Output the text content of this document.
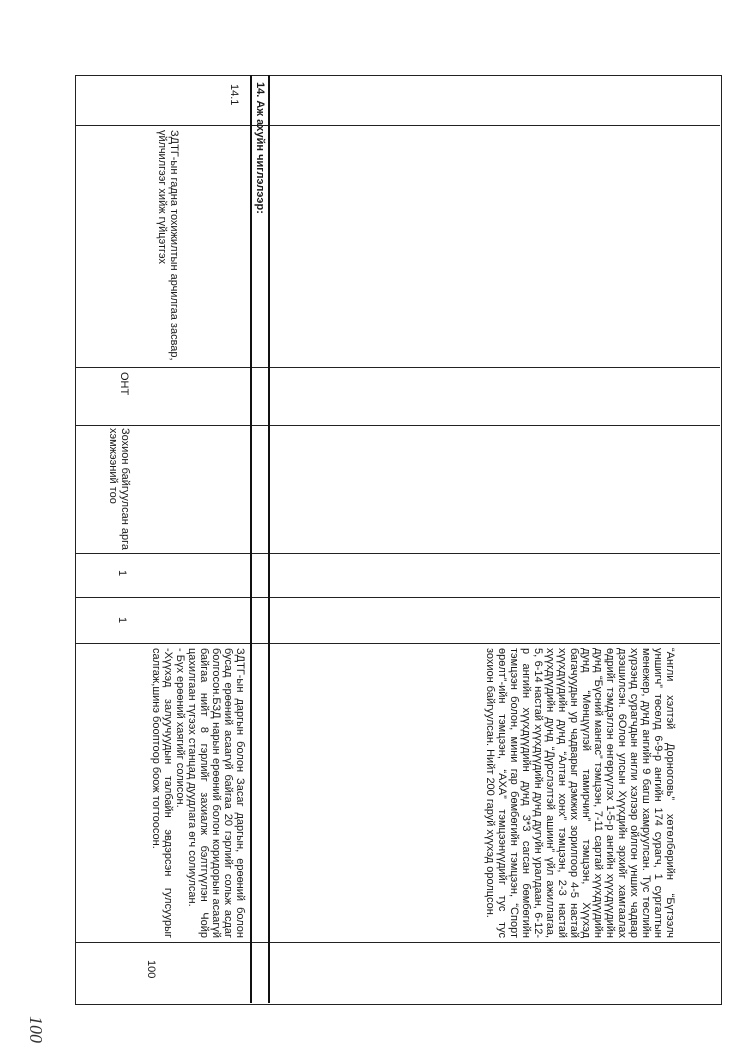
14. Аж ахуйн чиглэлээр:
14.1
ЗДТГ-ын гадна тохижилтын арчилгаа засвар, үйлчилгээг хийж гүйцэтгэх
ОНТ
Зохион байгуулсан арга хэмжээний тоо
1
1

“Англи хэлтэй Дорноговь” хөтөлбөрийн “Бүтээлч уншигч” төсөлд 6-9-р ангийн 174 сурагч, 1 сургалтын менежер, дунд ангийн 9 багш хамруулсан. Тус төслийн хүрээнд сурагчдын англи хэлээр ойлгон унших чадвар дээшилсэн. 6Олон улсын Хүүхдийн эрхийг хамгаалах өдрийг тэмдэглэн өнгөрүүлэх 1-5-р ангийн хүүхдүүдийн дунд “Бүсний мангас” тэмцээн, 7-11 сартай хүүхдүүдийн дунд “Мөнцүүлэй тамирчин” тэмцээн, Хүүхэд багачуудын ур чадварыг дэмжих зорилгоор 4-5 настай хүүхдүүдийн дунд “Алтан хонх” тэмцээн, 2-3 настай хүүхдүүдийн дунд “Дүрслэлтэй ашиин” үйл ажиллагаа, 5, 6-14 настай хүүхдүүдийн дунд дугуйн уралдаан, 6-12-р ангийн хүүхдүүдийн дунд 3*3 сагсан бөмбөгийн тэмцээн болон, мини гар бөмбөгийн тэмцээн, “Спорт өрөлт”-ийн тэмцээн, “АХА” тэмцээнүүдийг тус тус зохион байгуулсан. Нийт 200 гаруй хүүхэд оролцсон.

ЗДТГ-ын даргын болон Засаг даргын, ерөөний болон бусад ерөөний асаагүй байгаа 20 гэрлийг сольж асдаг болгосон.БЗД нарын ерөөний болон коридорын асаагүй байгаа нийт 8 гэрлийг захиалж бэлтгүүлэн Чойр цахилгаан түгээх станцад дуудлага өгч солиулсан.

- Бүх ерөөний хаягийг солисон.

-Хүүхэд залуучуудын талбайн эвдэрсэн гулсуурыг салгаж,шинэ бооптоор боож тогтоосон.

100
100
